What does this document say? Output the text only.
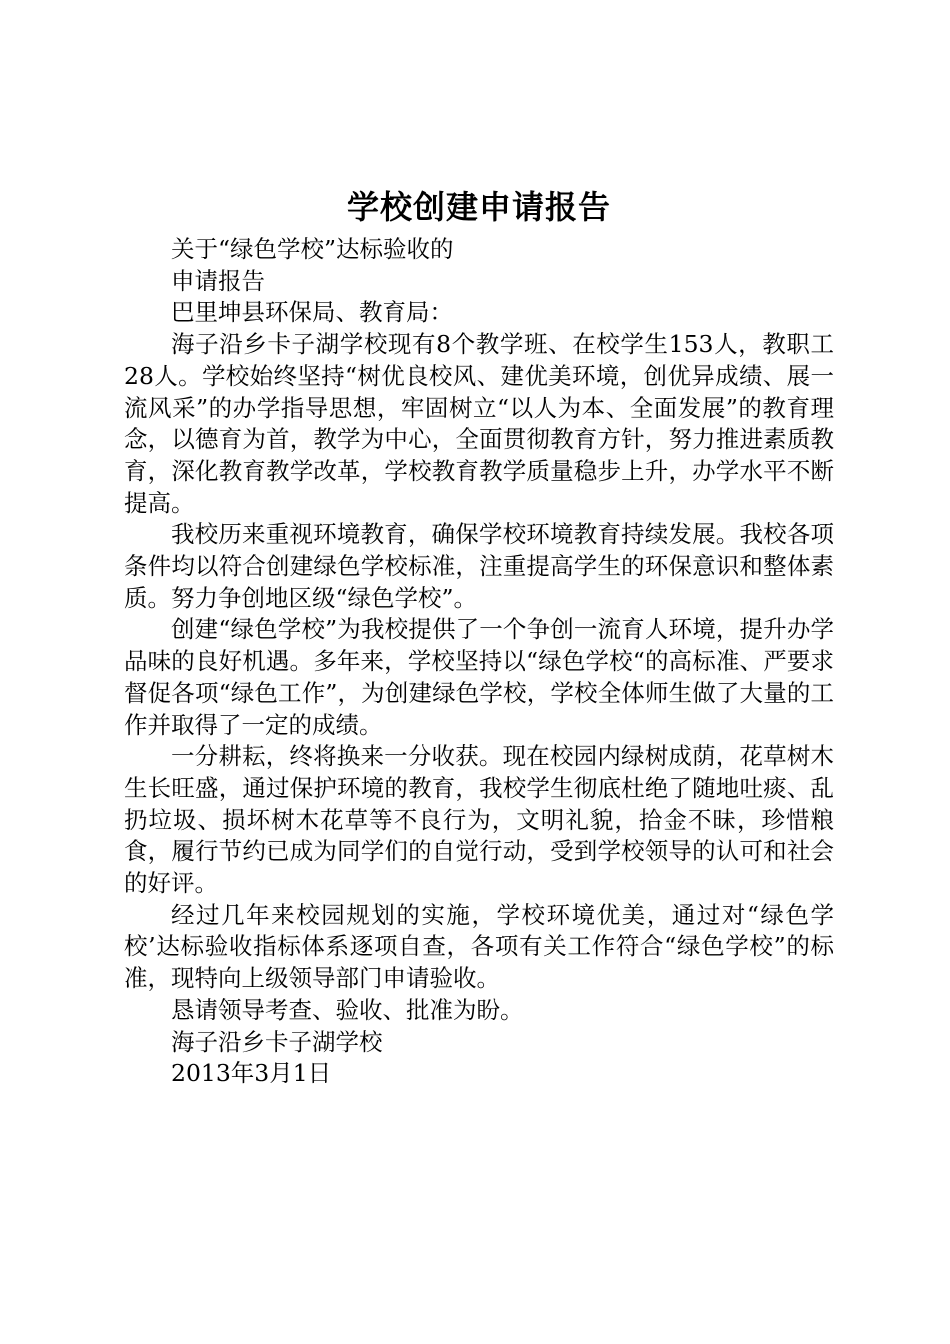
学校创建申请报告

关于“绿色学校”达标验收的

申请报告

巴里坤县环保局、教育局：

海子沿乡卡子湖学校现有8个教学班、在校学生153人，教职工28人。学校始终坚持“树优良校风、建优美环境，创优异成绩、展一流风采”的办学指导思想，牢固树立“以人为本、全面发展”的教育理念，以德育为首，教学为中心，全面贯彻教育方针，努力推进素质教育，深化教育教学改革，学校教育教学质量稳步上升，办学水平不断提高。

我校历来重视环境教育，确保学校环境教育持续发展。我校各项条件均以符合创建绿色学校标准，注重提高学生的环保意识和整体素质。努力争创地区级“绿色学校”。

创建“绿色学校”为我校提供了一个争创一流育人环境，提升办学品味的良好机遇。多年来，学校坚持以“绿色学校“的高标准、严要求督促各项“绿色工作”，为创建绿色学校，学校全体师生做了大量的工作并取得了一定的成绩。

一分耕耘，终将换来一分收获。现在校园内绿树成荫，花草树木生长旺盛，通过保护环境的教育，我校学生彻底杜绝了随地吐痰、乱扔垃圾、损坏树木花草等不良行为，文明礼貌，拾金不昧，珍惜粮食，履行节约已成为同学们的自觉行动，受到学校领导的认可和社会的好评。

经过几年来校园规划的实施，学校环境优美，通过对“绿色学校’达标验收指标体系逐项自查，各项有关工作符合“绿色学校”的标准，现特向上级领导部门申请验收。

恳请领导考查、验收、批准为盼。

海子沿乡卡子湖学校

2013年3月1日
